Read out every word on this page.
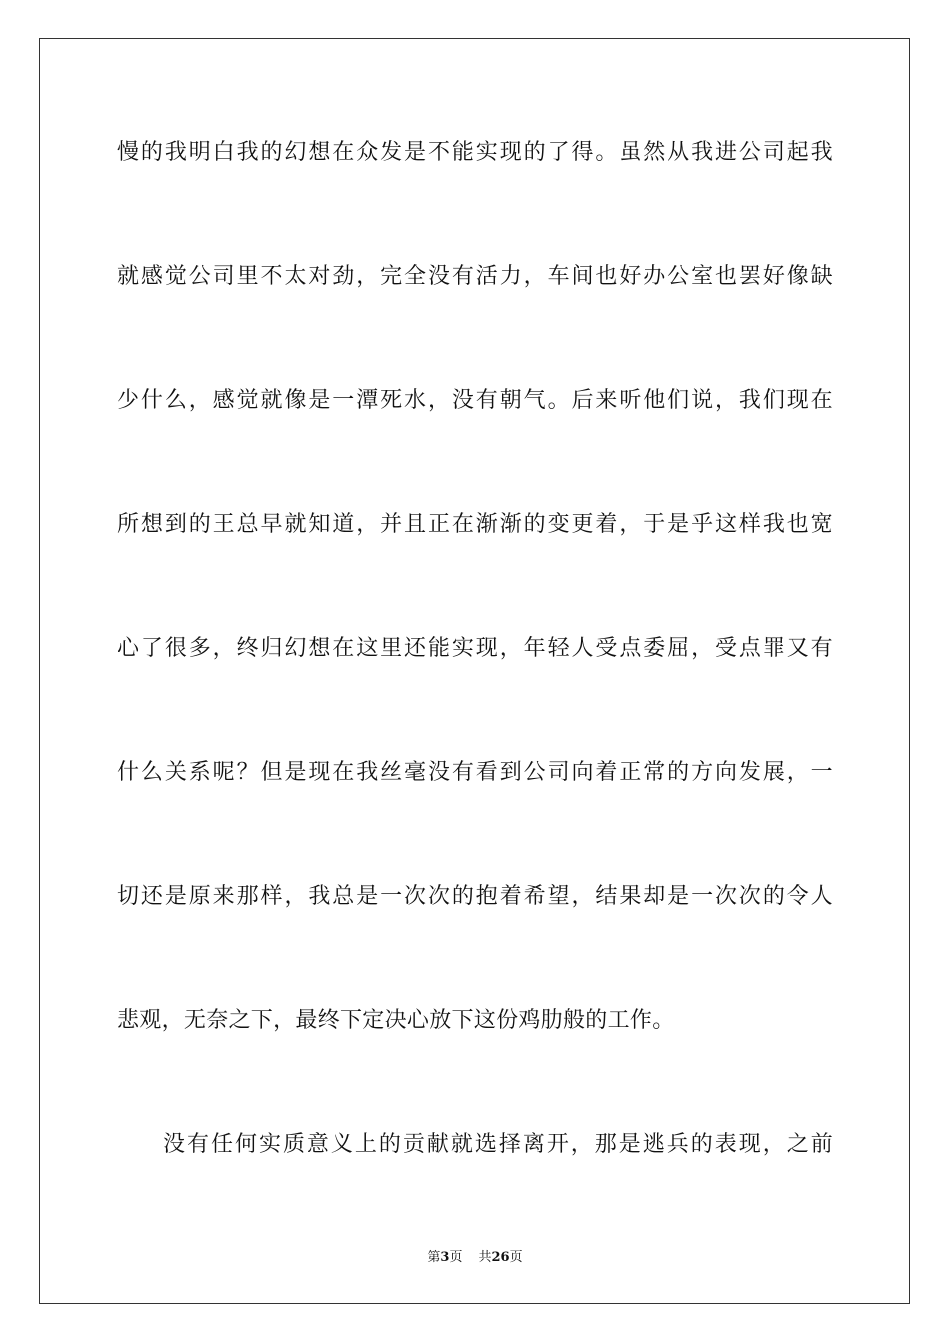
慢的我明白我的幻想在众发是不能实现的了得。虽然从我进公司起我
就感觉公司里不太对劲，完全没有活力，车间也好办公室也罢好像缺
少什么，感觉就像是一潭死水，没有朝气。后来听他们说，我们现在
所想到的王总早就知道，并且正在渐渐的变更着，于是乎这样我也宽
心了很多，终归幻想在这里还能实现，年轻人受点委屈，受点罪又有
什么关系呢？但是现在我丝毫没有看到公司向着正常的方向发展，一
切还是原来那样，我总是一次次的抱着希望，结果却是一次次的令人
悲观，无奈之下，最终下定决心放下这份鸡肋般的工作。
没有任何实质意义上的贡献就选择离开，那是逃兵的表现，之前
第3页 共26页
